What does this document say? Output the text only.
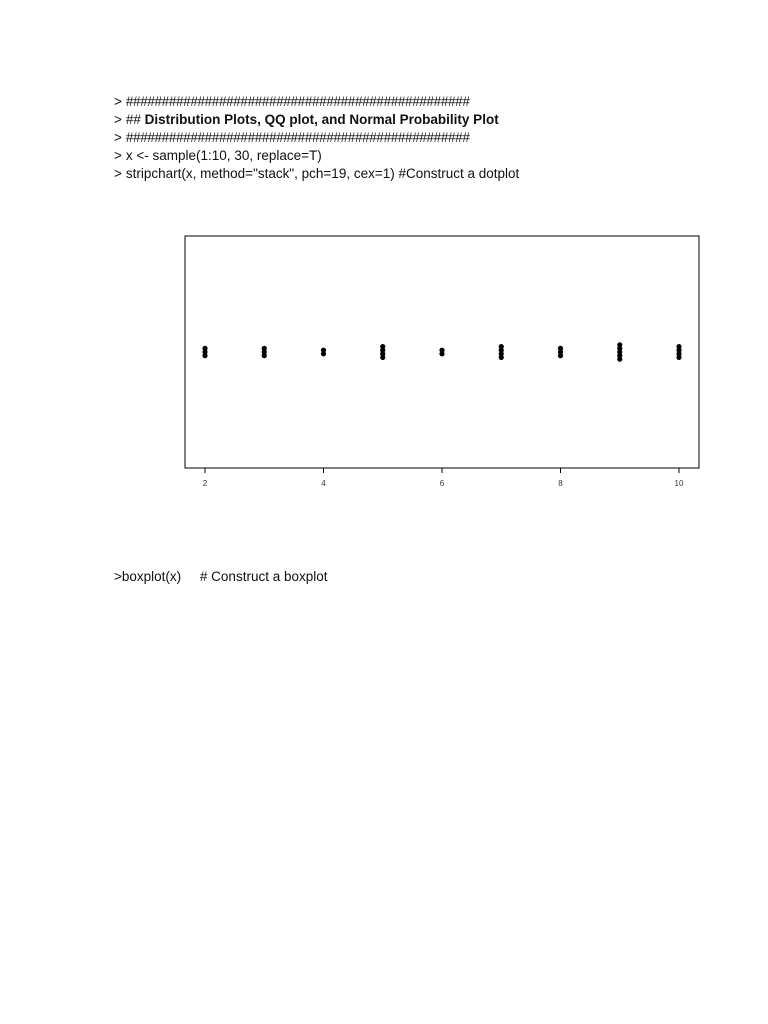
> ################################################
> ## Distribution Plots, QQ plot, and Normal Probability Plot
> ################################################
> x <- sample(1:10, 30, replace=T)
> stripchart(x, method="stack", pch=19, cex=1) #Construct a dotplot
2	4	6	8	10
>boxplot(x)     # Construct a boxplot
